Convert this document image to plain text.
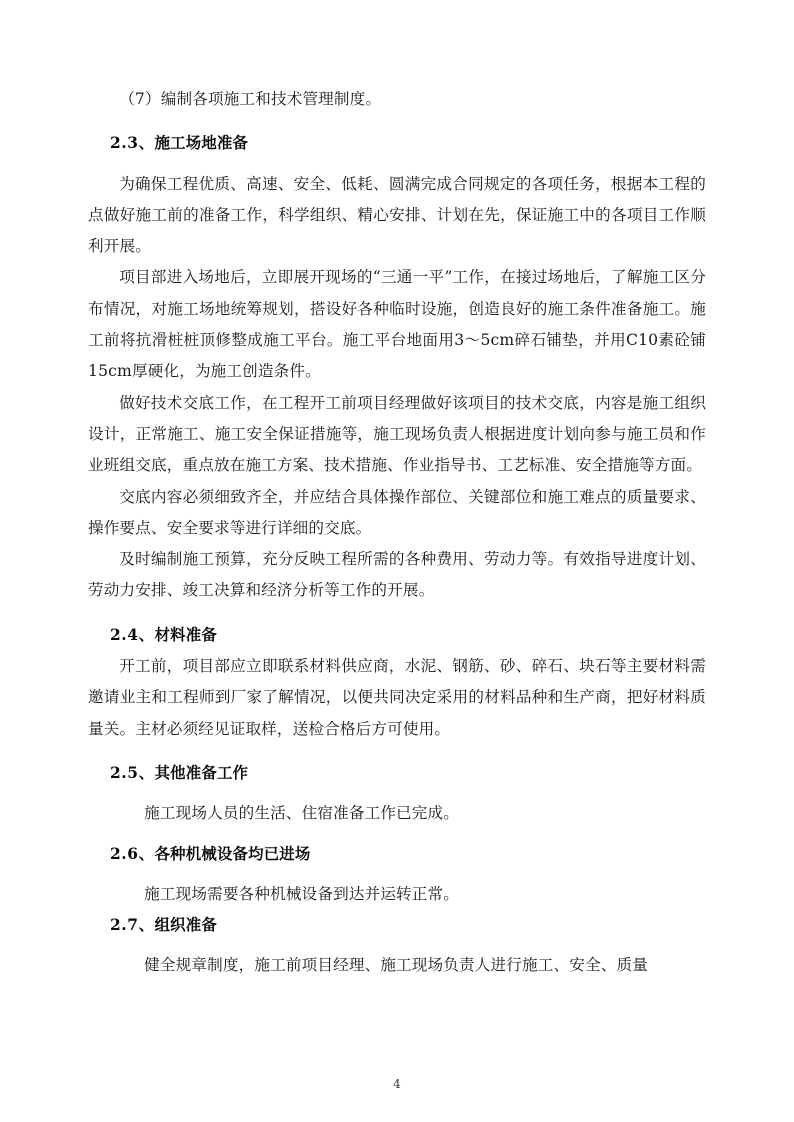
（7）编制各项施工和技术管理制度。

2.3、施工场地准备

为确保工程优质、高速、安全、低耗、圆满完成合同规定的各项任务，根据本工程的点做好施工前的准备工作，科学组织、精心安排、计划在先，保证施工中的各项目工作顺利开展。

项目部进入场地后，立即展开现场的“三通一平”工作，在接过场地后，了解施工区分布情况，对施工场地统筹规划，搭设好各种临时设施，创造良好的施工条件准备施工。施工前将抗滑桩桩顶修整成施工平台。施工平台地面用3～5cm碎石铺垫，并用C10素砼铺15cm厚硬化，为施工创造条件。

做好技术交底工作，在工程开工前项目经理做好该项目的技术交底，内容是施工组织设计，正常施工、施工安全保证措施等，施工现场负责人根据进度计划向参与施工员和作业班组交底，重点放在施工方案、技术措施、作业指导书、工艺标准、安全措施等方面。

交底内容必须细致齐全，并应结合具体操作部位、关键部位和施工难点的质量要求、操作要点、安全要求等进行详细的交底。

及时编制施工预算，充分反映工程所需的各种费用、劳动力等。有效指导进度计划、劳动力安排、竣工决算和经济分析等工作的开展。

2.4、材料准备

开工前，项目部应立即联系材料供应商，水泥、钢筋、砂、碎石、块石等主要材料需邀请业主和工程师到厂家了解情况，以便共同决定采用的材料品种和生产商，把好材料质量关。主材必须经见证取样，送检合格后方可使用。

2.5、其他准备工作

施工现场人员的生活、住宿准备工作已完成。

2.6、各种机械设备均已进场

施工现场需要各种机械设备到达并运转正常。

2.7、组织准备

健全规章制度，施工前项目经理、施工现场负责人进行施工、安全、质量

4
